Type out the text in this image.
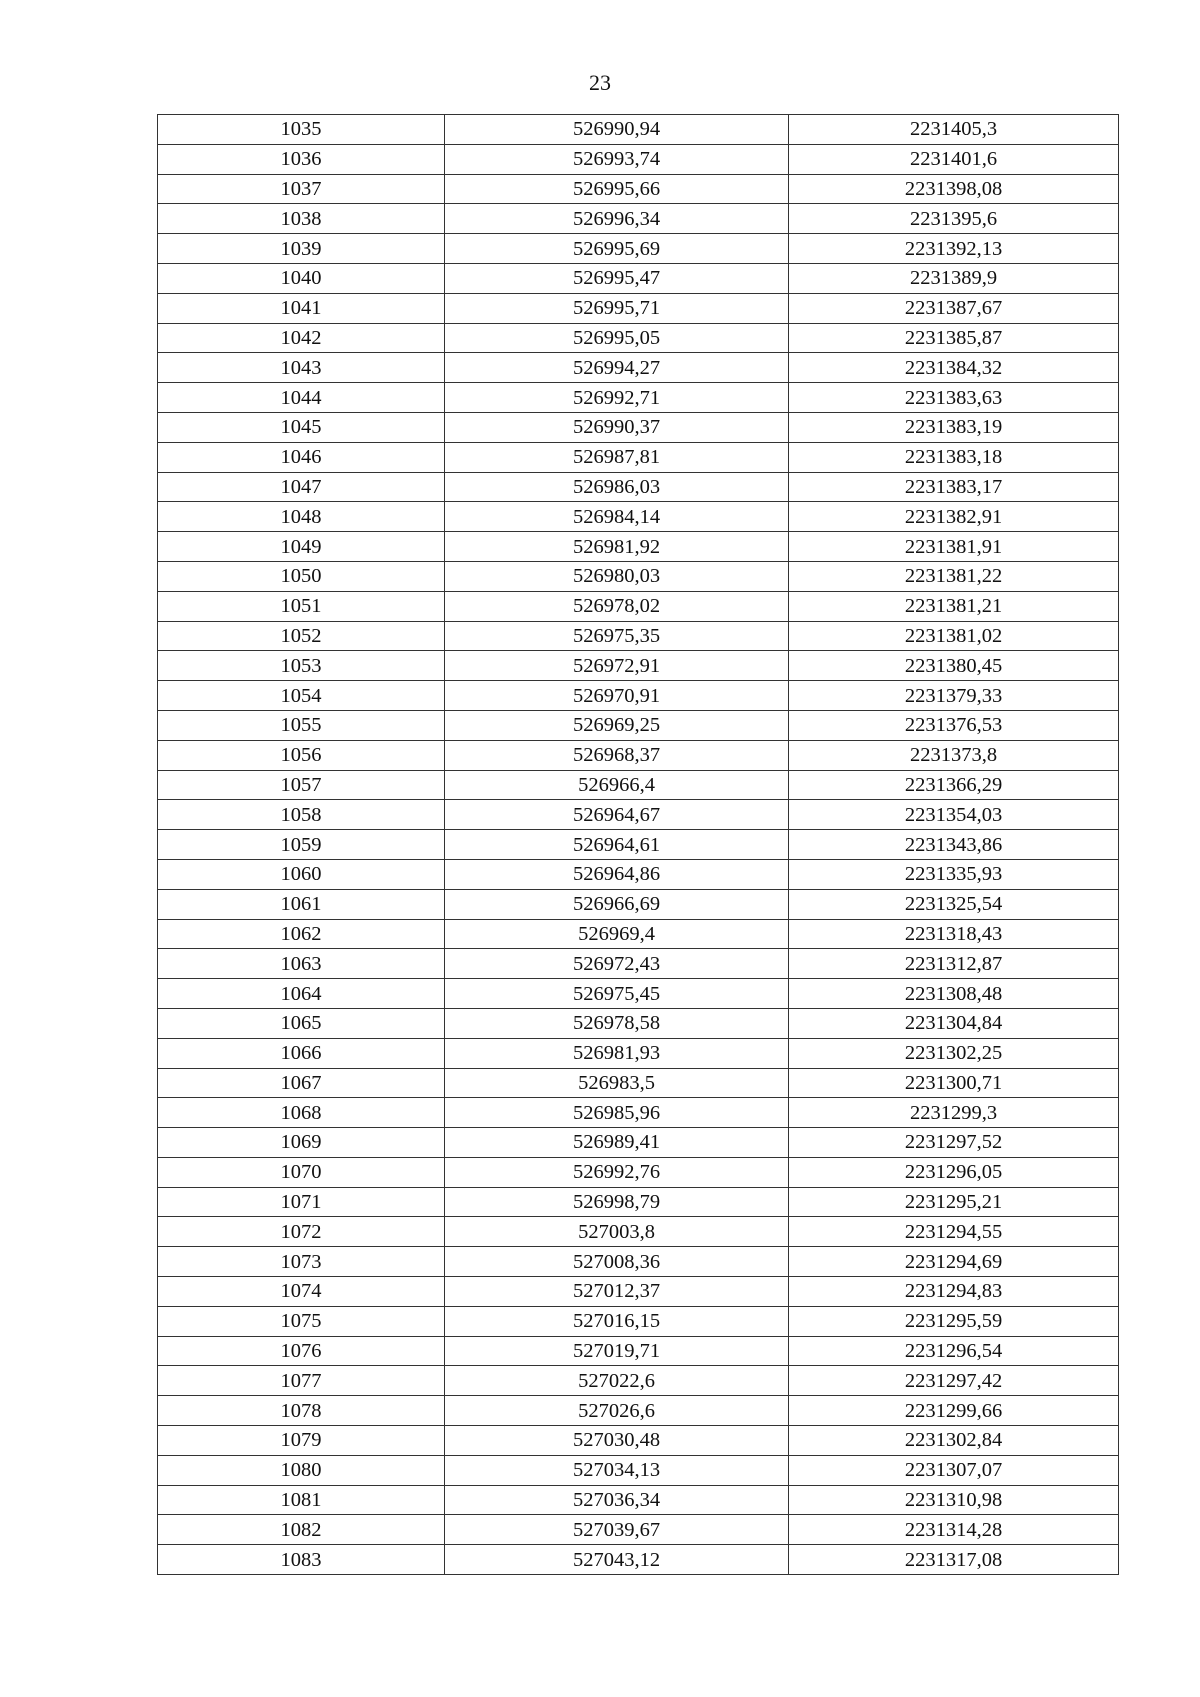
23
1035	526990,94	2231405,3
1036	526993,74	2231401,6
1037	526995,66	2231398,08
1038	526996,34	2231395,6
1039	526995,69	2231392,13
1040	526995,47	2231389,9
1041	526995,71	2231387,67
1042	526995,05	2231385,87
1043	526994,27	2231384,32
1044	526992,71	2231383,63
1045	526990,37	2231383,19
1046	526987,81	2231383,18
1047	526986,03	2231383,17
1048	526984,14	2231382,91
1049	526981,92	2231381,91
1050	526980,03	2231381,22
1051	526978,02	2231381,21
1052	526975,35	2231381,02
1053	526972,91	2231380,45
1054	526970,91	2231379,33
1055	526969,25	2231376,53
1056	526968,37	2231373,8
1057	526966,4	2231366,29
1058	526964,67	2231354,03
1059	526964,61	2231343,86
1060	526964,86	2231335,93
1061	526966,69	2231325,54
1062	526969,4	2231318,43
1063	526972,43	2231312,87
1064	526975,45	2231308,48
1065	526978,58	2231304,84
1066	526981,93	2231302,25
1067	526983,5	2231300,71
1068	526985,96	2231299,3
1069	526989,41	2231297,52
1070	526992,76	2231296,05
1071	526998,79	2231295,21
1072	527003,8	2231294,55
1073	527008,36	2231294,69
1074	527012,37	2231294,83
1075	527016,15	2231295,59
1076	527019,71	2231296,54
1077	527022,6	2231297,42
1078	527026,6	2231299,66
1079	527030,48	2231302,84
1080	527034,13	2231307,07
1081	527036,34	2231310,98
1082	527039,67	2231314,28
1083	527043,12	2231317,08
